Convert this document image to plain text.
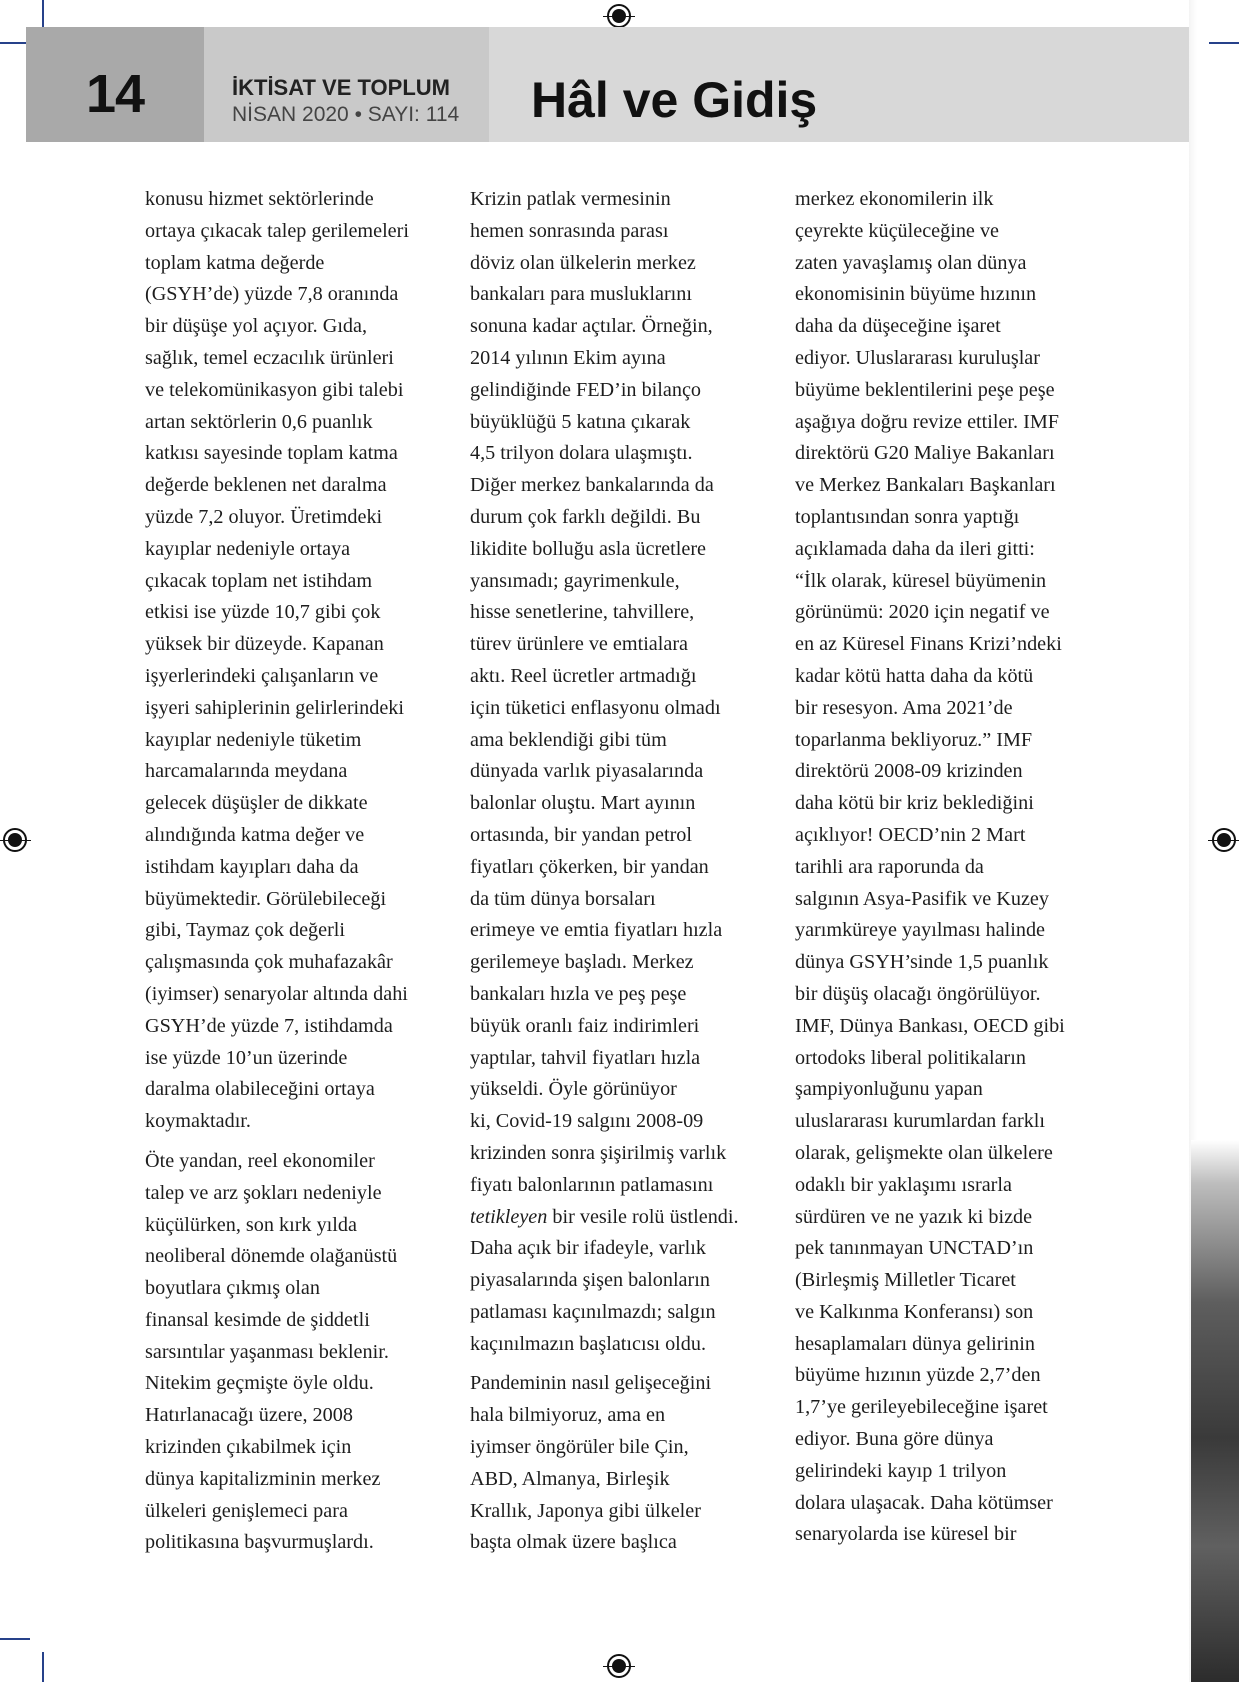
14	İKTİSAT VE TOPLUM
NİSAN 2020 • SAYI: 114 Hâl ve Gidiş

konusu hizmet sektörlerinde
ortaya çıkacak talep gerilemeleri
toplam katma değerde
(GSYH’de) yüzde 7,8 oranında
bir düşüşe yol açıyor. Gıda,
sağlık, temel eczacılık ürünleri
ve telekomünikasyon gibi talebi
artan sektörlerin 0,6 puanlık
katkısı sayesinde toplam katma
değerde beklenen net daralma
yüzde 7,2 oluyor. Üretimdeki
kayıplar nedeniyle ortaya
çıkacak toplam net istihdam
etkisi ise yüzde 10,7 gibi çok
yüksek bir düzeyde. Kapanan
işyerlerindeki çalışanların ve
işyeri sahiplerinin gelirlerindeki
kayıplar nedeniyle tüketim
harcamalarında meydana
gelecek düşüşler de dikkate
alındığında katma değer ve
istihdam kayıpları daha da
büyümektedir. Görülebileceği
gibi, Taymaz çok değerli
çalışmasında çok muhafazakâr
(iyimser) senaryolar altında dahi
GSYH’de yüzde 7, istihdamda
ise yüzde 10’un üzerinde
daralma olabileceğini ortaya
koymaktadır.

Öte yandan, reel ekonomiler
talep ve arz şokları nedeniyle
küçülürken, son kırk yılda
neoliberal dönemde olağanüstü
boyutlara çıkmış olan
finansal kesimde de şiddetli
sarsıntılar yaşanması beklenir.
Nitekim geçmişte öyle oldu.
Hatırlanacağı üzere, 2008
krizinden çıkabilmek için
dünya kapitalizminin merkez
ülkeleri genişlemeci para
politikasına başvurmuşlardı.

Krizin patlak vermesinin
hemen sonrasında parası
döviz olan ülkelerin merkez
bankaları para musluklarını
sonuna kadar açtılar. Örneğin,
2014 yılının Ekim ayına
gelindiğinde FED’in bilanço
büyüklüğü 5 katına çıkarak
4,5 trilyon dolara ulaşmıştı.
Diğer merkez bankalarında da
durum çok farklı değildi. Bu
likidite bolluğu asla ücretlere
yansımadı; gayrimenkule,
hisse senetlerine, tahvillere,
türev ürünlere ve emtialara
aktı. Reel ücretler artmadığı
için tüketici enflasyonu olmadı
ama beklendiği gibi tüm
dünyada varlık piyasalarında
balonlar oluştu. Mart ayının
ortasında, bir yandan petrol
fiyatları çökerken, bir yandan
da tüm dünya borsaları
erimeye ve emtia fiyatları hızla
gerilemeye başladı. Merkez
bankaları hızla ve peş peşe
büyük oranlı faiz indirimleri
yaptılar, tahvil fiyatları hızla
yükseldi. Öyle görünüyor
ki, Covid-19 salgını 2008-09
krizinden sonra şişirilmiş varlık
fiyatı balonlarının patlamasını
tetikleyen bir vesile rolü üstlendi.
Daha açık bir ifadeyle, varlık
piyasalarında şişen balonların
patlaması kaçınılmazdı; salgın
kaçınılmazın başlatıcısı oldu.

Pandeminin nasıl gelişeceğini
hala bilmiyoruz, ama en
iyimser öngörüler bile Çin,
ABD, Almanya, Birleşik
Krallık, Japonya gibi ülkeler
başta olmak üzere başlıca

merkez ekonomilerin ilk
çeyrekte küçüleceğine ve
zaten yavaşlamış olan dünya
ekonomisinin büyüme hızının
daha da düşeceğine işaret
ediyor. Uluslararası kuruluşlar
büyüme beklentilerini peşe peşe
aşağıya doğru revize ettiler. IMF
direktörü G20 Maliye Bakanları
ve Merkez Bankaları Başkanları
toplantısından sonra yaptığı
açıklamada daha da ileri gitti:
“İlk olarak, küresel büyümenin
görünümü: 2020 için negatif ve
en az Küresel Finans Krizi’ndeki
kadar kötü hatta daha da kötü
bir resesyon. Ama 2021’de
toparlanma bekliyoruz.” IMF
direktörü 2008-09 krizinden
daha kötü bir kriz beklediğini
açıklıyor! OECD’nin 2 Mart
tarihli ara raporunda da
salgının Asya-Pasifik ve Kuzey
yarımküreye yayılması halinde
dünya GSYH’sinde 1,5 puanlık
bir düşüş olacağı öngörülüyor.
IMF, Dünya Bankası, OECD gibi
ortodoks liberal politikaların
şampiyonluğunu yapan
uluslararası kurumlardan farklı
olarak, gelişmekte olan ülkelere
odaklı bir yaklaşımı ısrarla
sürdüren ve ne yazık ki bizde
pek tanınmayan UNCTAD’ın
(Birleşmiş Milletler Ticaret
ve Kalkınma Konferansı) son
hesaplamaları dünya gelirinin
büyüme hızının yüzde 2,7’den
1,7’ye gerileyebileceğine işaret
ediyor. Buna göre dünya
gelirindeki kayıp 1 trilyon
dolara ulaşacak. Daha kötümser
senaryolarda ise küresel bir
